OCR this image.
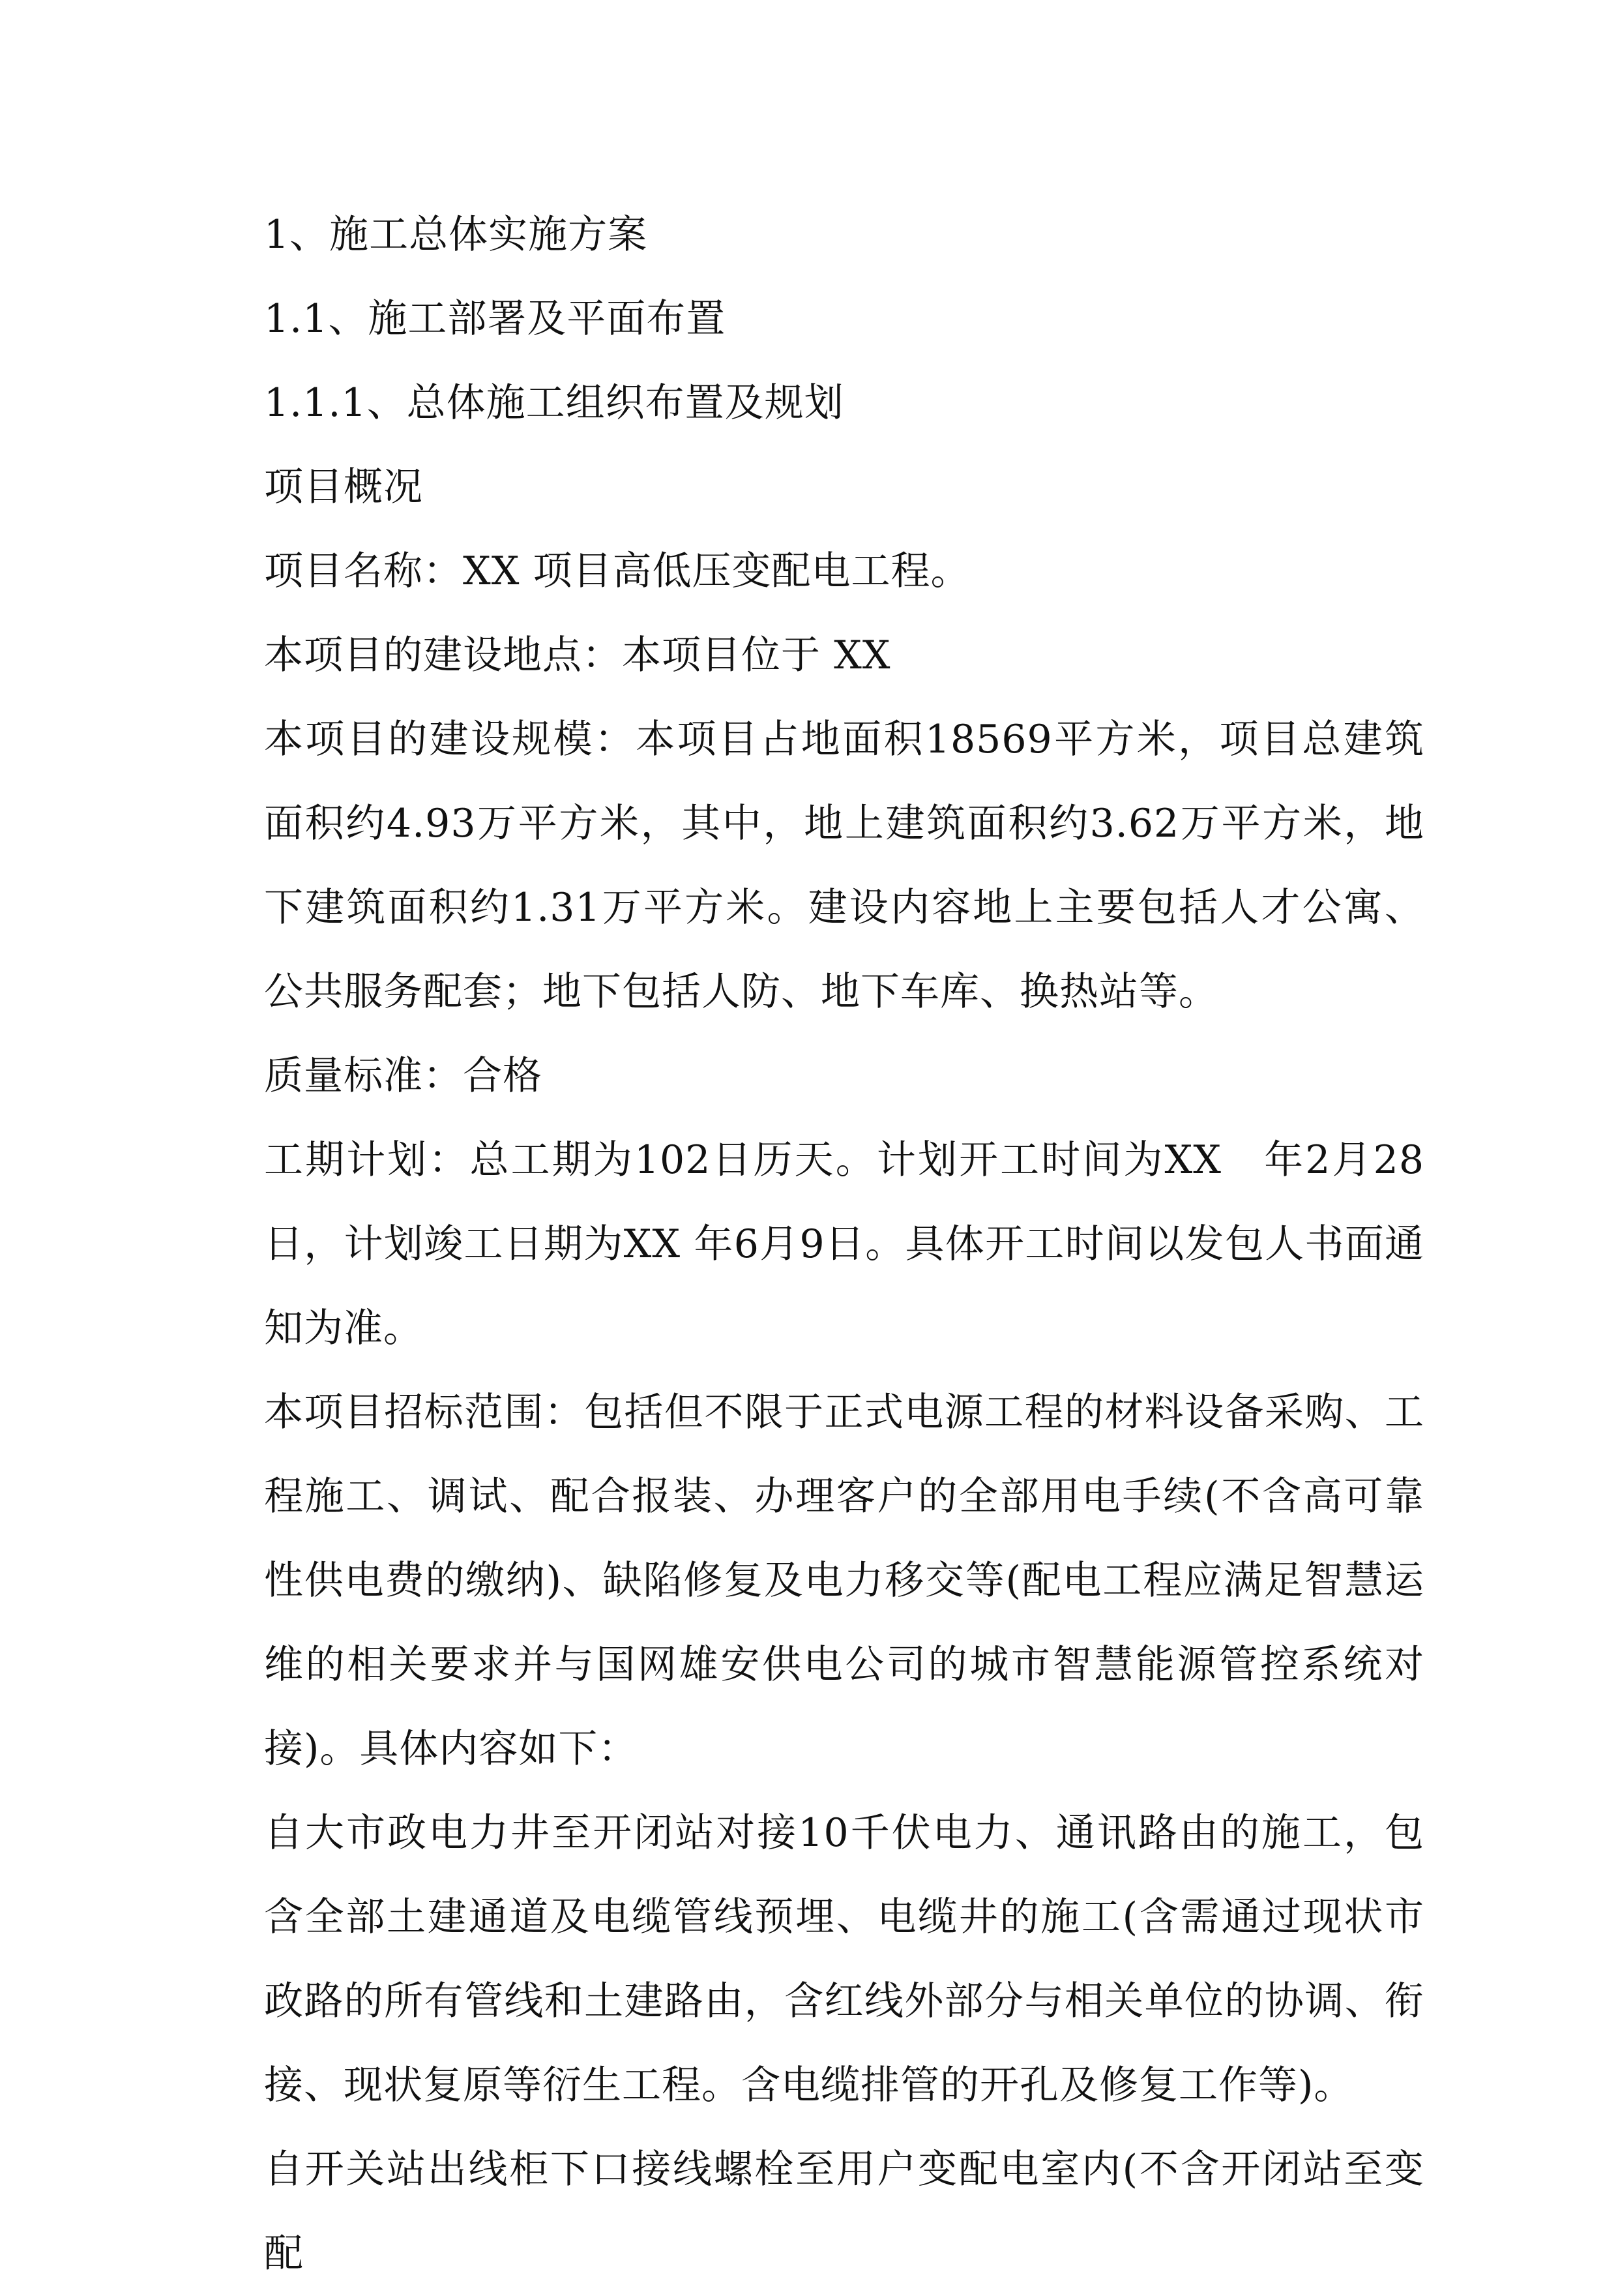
1、施工总体实施方案

1.1、施工部署及平面布置

1.1.1、总体施工组织布置及规划

项目概况

项目名称：XX 项目高低压变配电工程。

本项目的建设地点：本项目位于 XX

本项目的建设规模：本项目占地面积18569平方米，项目总建筑面积约4.93万平方米，其中，地上建筑面积约3.62万平方米，地下建筑面积约1.31万平方米。建设内容地上主要包括人才公寓、公共服务配套；地下包括人防、地下车库、换热站等。

质量标准：合格

工期计划：总工期为102日历天。计划开工时间为XX　年2月28日，计划竣工日期为XX 年6月9日。具体开工时间以发包人书面通知为准。

本项目招标范围：包括但不限于正式电源工程的材料设备采购、工程施工、调试、配合报装、办理客户的全部用电手续(不含高可靠性供电费的缴纳)、缺陷修复及电力移交等(配电工程应满足智慧运维的相关要求并与国网雄安供电公司的城市智慧能源管控系统对接)。具体内容如下：

自大市政电力井至开闭站对接10千伏电力、通讯路由的施工，包含全部土建通道及电缆管线预埋、电缆井的施工(含需通过现状市政路的所有管线和土建路由，含红线外部分与相关单位的协调、衔接、现状复原等衍生工程。含电缆排管的开孔及修复工作等)。

自开关站出线柜下口接线螺栓至用户变配电室内(不含开闭站至变配
